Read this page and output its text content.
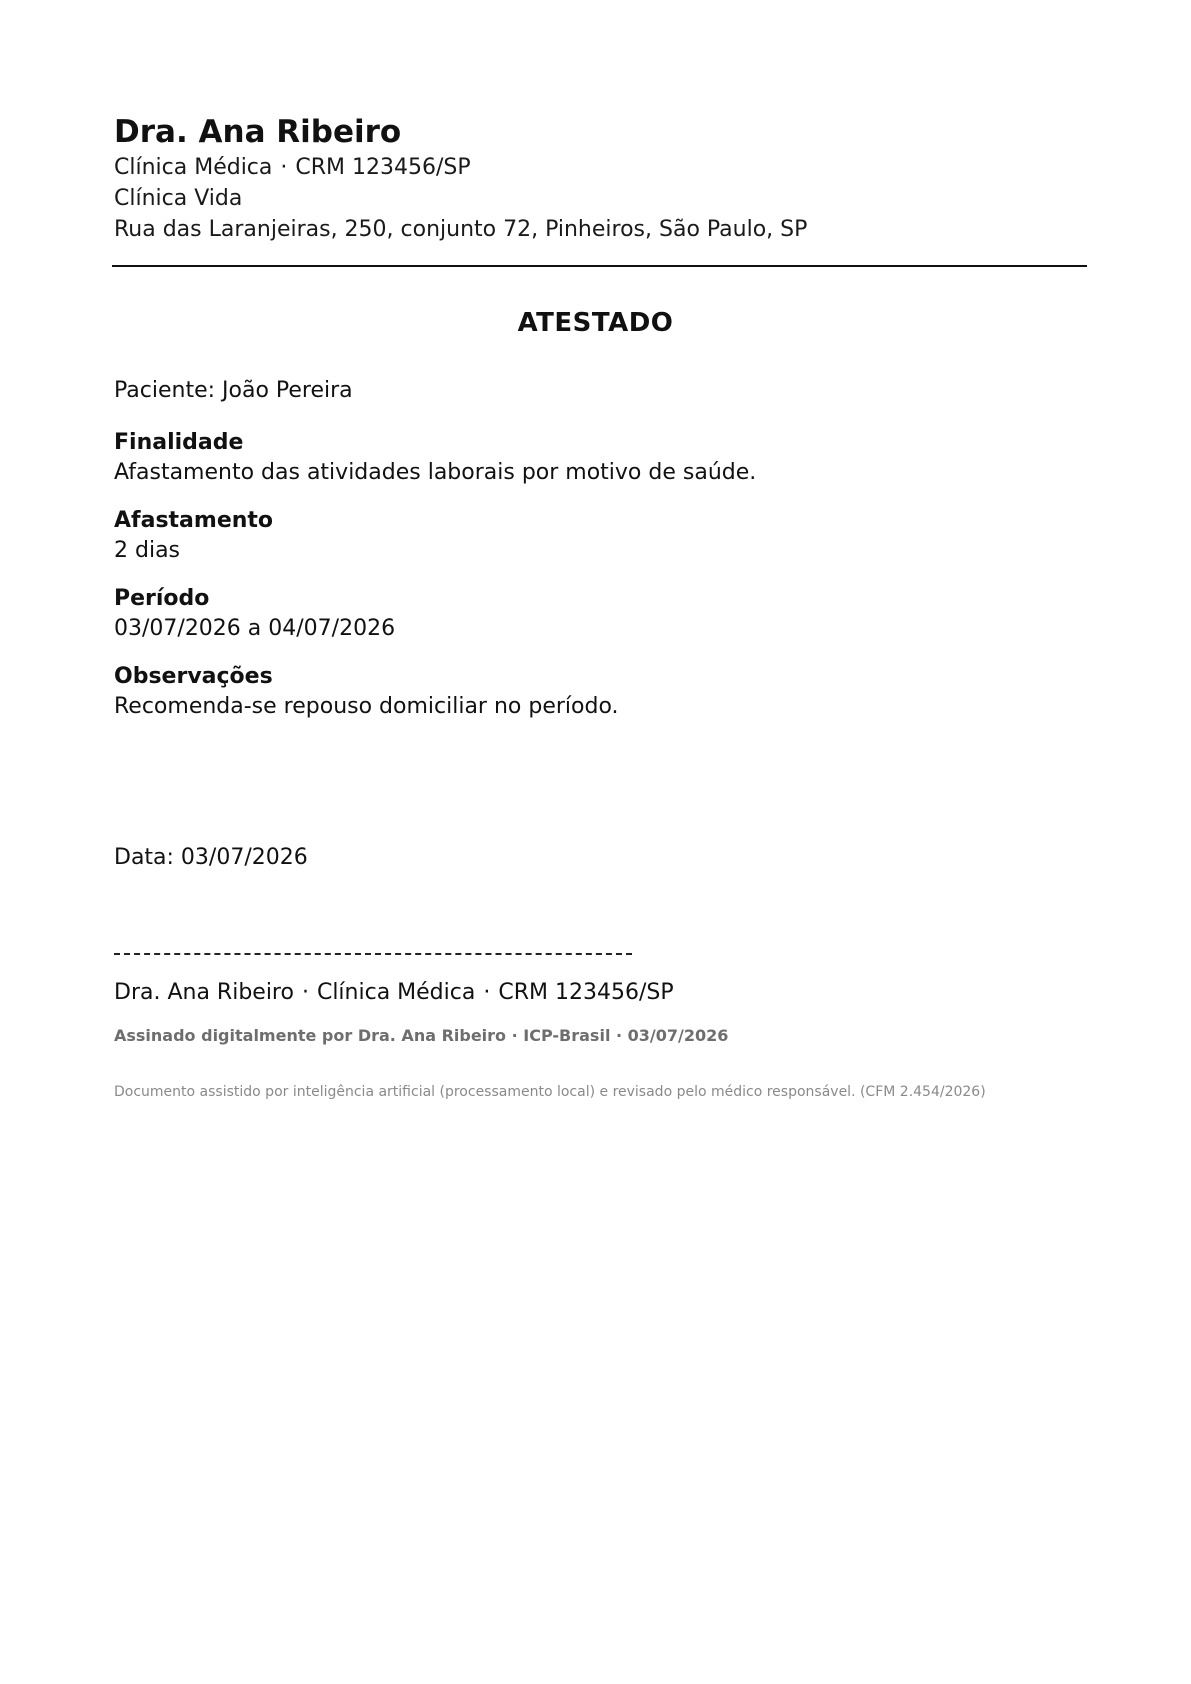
Dra. Ana Ribeiro

Clínica Médica · CRM 123456/SP

Clínica Vida

Rua das Laranjeiras, 250, conjunto 72, Pinheiros, São Paulo, SP

ATESTADO

Paciente: João Pereira

Finalidade

Afastamento das atividades laborais por motivo de saúde.

Afastamento

2 dias

Período

03/07/2026 a 04/07/2026

Observações

Recomenda-se repouso domiciliar no período.

Data: 03/07/2026

Dra. Ana Ribeiro · Clínica Médica · CRM 123456/SP

Assinado digitalmente por Dra. Ana Ribeiro · ICP-Brasil · 03/07/2026

Documento assistido por inteligência artificial (processamento local) e revisado pelo médico responsável. (CFM 2.454/2026)
